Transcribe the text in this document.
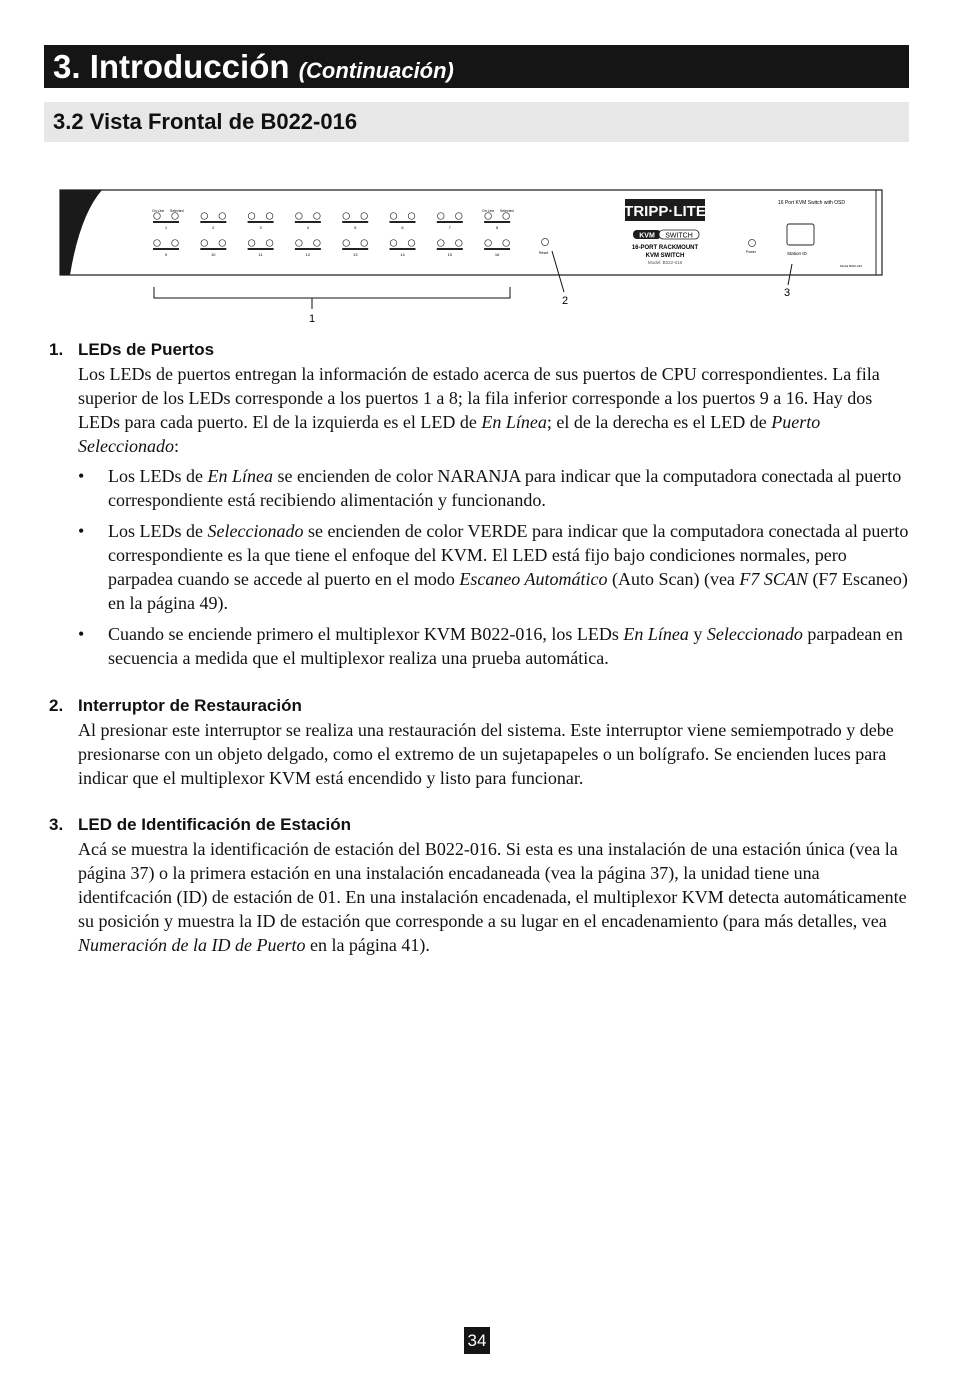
3. Introducción (Continuación)
3.2 Vista Frontal de B022-016
1	2	3	4	5	6	7	8
9	10	11	12	13	14	15	16
On Line Selected	On Line Selected
Reset
TRIPP·LITE
KVM SWITCH
16-PORT RACKMOUNT
KVM SWITCH
Model: B022-016
Power
16 Port KVM Switch with OSD
Station ID
Model B022-016
1
2
3
1. LEDs de Puertos

Los LEDs de puertos entregan la información de estado acerca de sus puertos de CPU correspondientes. La fila superior de los LEDs corresponde a los puertos 1 a 8; la fila inferior corresponde a los puertos 9 a 16. Hay dos LEDs para cada puerto. El de la izquierda es el LED de En Línea; el de la derecha es el LED de Puerto Seleccionado:

• Los LEDs de En Línea se encienden de color NARANJA para indicar que la computadora conectada al puerto correspondiente está recibiendo alimentación y funcionando.
• Los LEDs de Seleccionado se encienden de color VERDE para indicar que la computadora conectada al puerto correspondiente es la que tiene el enfoque del KVM. El LED está fijo bajo condiciones normales, pero parpadea cuando se accede al puerto en el modo Escaneo Automático (Auto Scan) (vea F7 SCAN (F7 Escaneo) en la página 49).
• Cuando se enciende primero el multiplexor KVM B022-016, los LEDs En Línea y Seleccionado parpadean en secuencia a medida que el multiplexor realiza una prueba automática.
2. Interruptor de Restauración

Al presionar este interruptor se realiza una restauración del sistema. Este interruptor viene semiempotrado y debe presionarse con un objeto delgado, como el extremo de un sujetapapeles o un bolígrafo. Se encienden luces para indicar que el multiplexor KVM está encendido y listo para funcionar.

3. LED de Identificación de Estación

Acá se muestra la identificación de estación del B022-016. Si esta es una instalación de una estación única (vea la página 37) o la primera estación en una instalación encadaneada (vea la página 37), la unidad tiene una identifcación (ID) de estación de 01. En una instalación encadenada, el multiplexor KVM detecta automáticamente su posición y muestra la ID de estación que corresponde a su lugar en el encadenamiento (para más detalles, vea Numeración de la ID de Puerto en la página 41).

34
